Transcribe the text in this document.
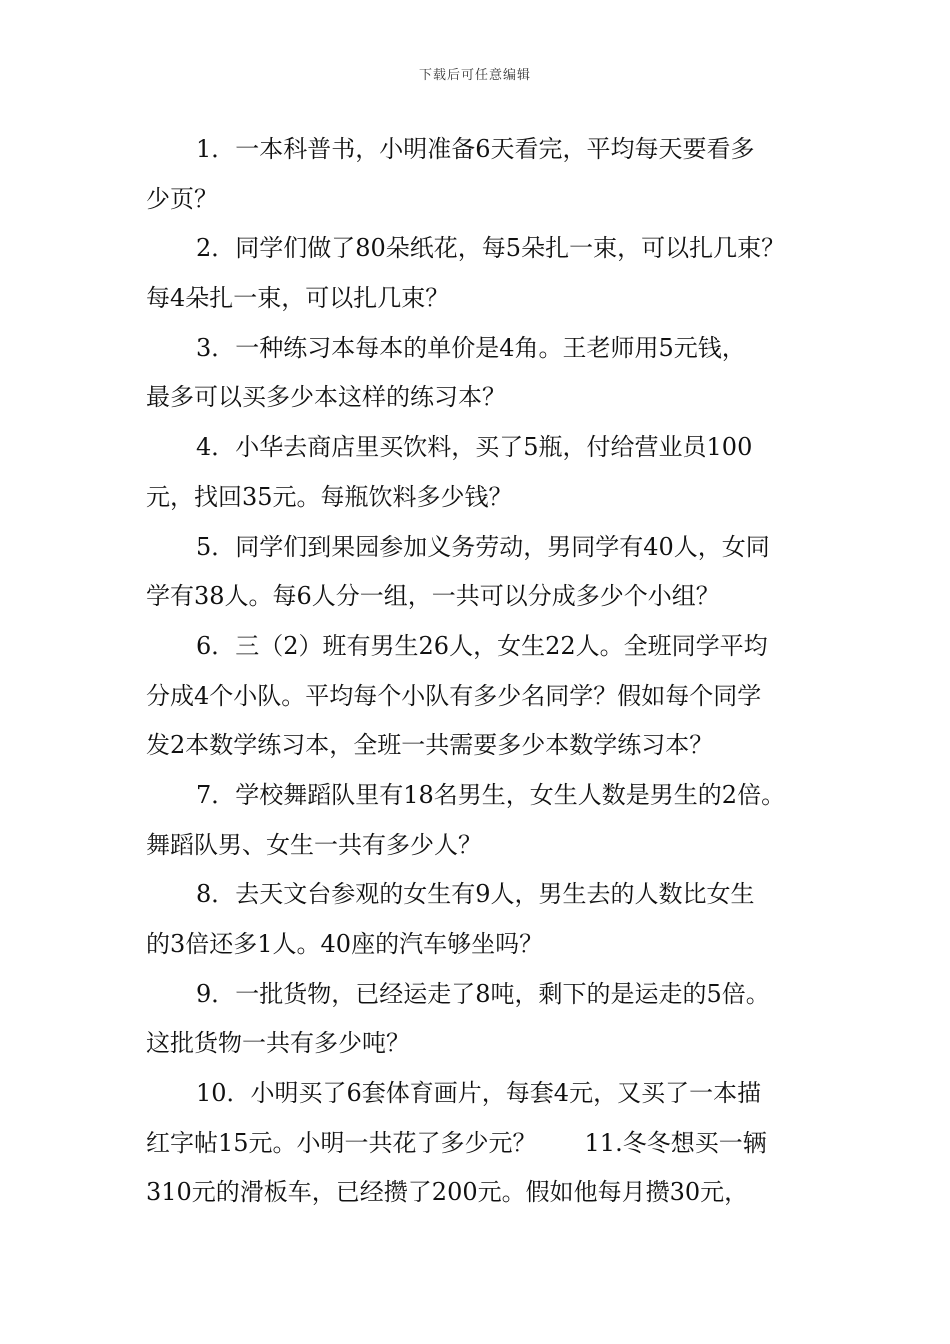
下载后可任意编辑
1．一本科普书，小明准备6天看完，平均每天要看多
少页？
2．同学们做了80朵纸花，每5朵扎一束，可以扎几束？
每4朵扎一束，可以扎几束？
3．一种练习本每本的单价是4角。王老师用5元钱，
最多可以买多少本这样的练习本？
4．小华去商店里买饮料，买了5瓶，付给营业员100
元，找回35元。每瓶饮料多少钱？
5．同学们到果园参加义务劳动，男同学有40人，女同
学有38人。每6人分一组，一共可以分成多少个小组？
6．三（2）班有男生26人，女生22人。全班同学平均
分成4个小队。平均每个小队有多少名同学？假如每个同学
发2本数学练习本，全班一共需要多少本数学练习本？
7．学校舞蹈队里有18名男生，女生人数是男生的2倍。
舞蹈队男、女生一共有多少人？
8．去天文台参观的女生有9人，男生去的人数比女生
的3倍还多1人。40座的汽车够坐吗？
9．一批货物，已经运走了8吨，剩下的是运走的5倍。
这批货物一共有多少吨？
10．小明买了6套体育画片，每套4元，又买了一本描
红字帖15元。小明一共花了多少元？　　11.冬冬想买一辆
310元的滑板车，已经攒了200元。假如他每月攒30元，
